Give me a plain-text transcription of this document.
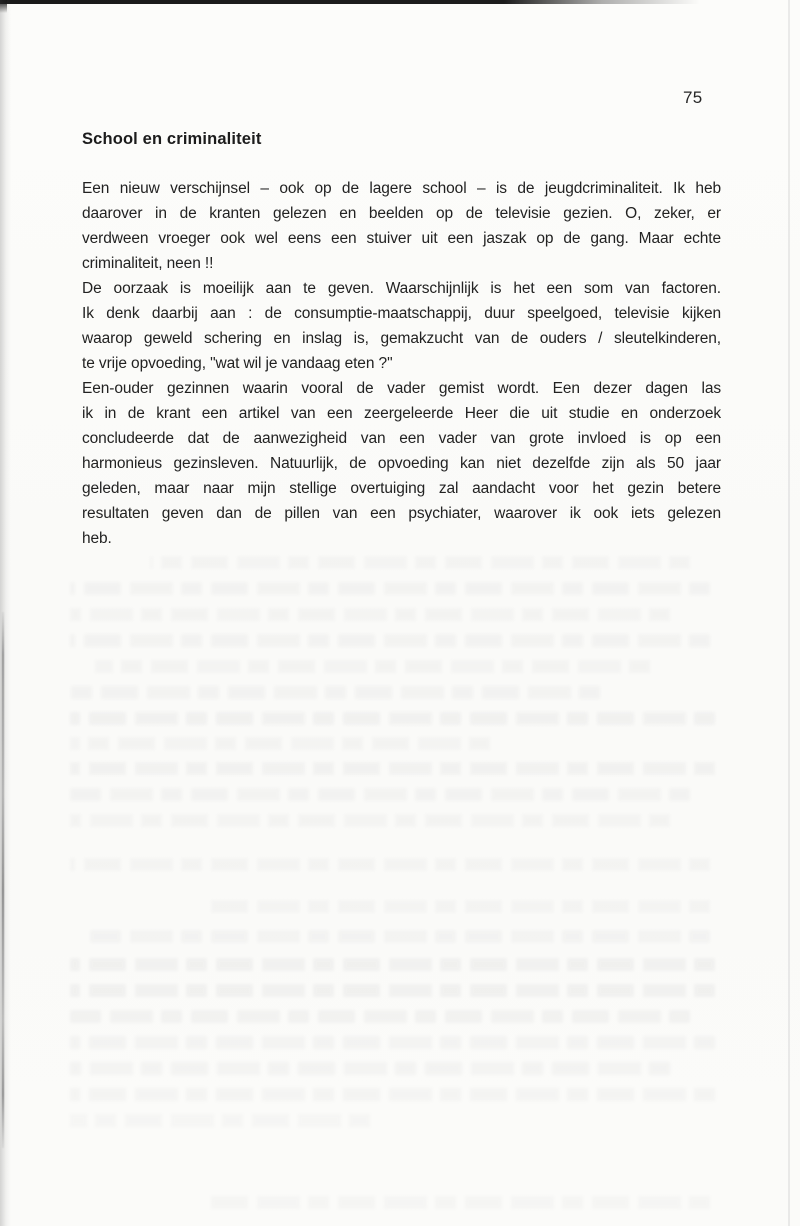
75
School en criminaliteit

Een nieuw verschijnsel – ook op de lagere school – is de jeugdcriminaliteit. Ik heb
daarover in de kranten gelezen en beelden op de televisie gezien. O, zeker, er
verdween vroeger ook wel eens een stuiver uit een jaszak op de gang. Maar echte
criminaliteit, neen !!

De oorzaak is moeilijk aan te geven. Waarschijnlijk is het een som van factoren.
Ik denk daarbij aan : de consumptie-maatschappij, duur speelgoed, televisie kijken
waarop geweld schering en inslag is, gemakzucht van de ouders / sleutelkinderen,
te vrije opvoeding, "wat wil je vandaag eten ?"

Een-ouder gezinnen waarin vooral de vader gemist wordt. Een dezer dagen las
ik in de krant een artikel van een zeergeleerde Heer die uit studie en onderzoek
concludeerde dat de aanwezigheid van een vader van grote invloed is op een
harmonieus gezinsleven. Natuurlijk, de opvoeding kan niet dezelfde zijn als 50 jaar
geleden, maar naar mijn stellige overtuiging zal aandacht voor het gezin betere
resultaten geven dan de pillen van een psychiater, waarover ik ook iets gelezen
heb.
